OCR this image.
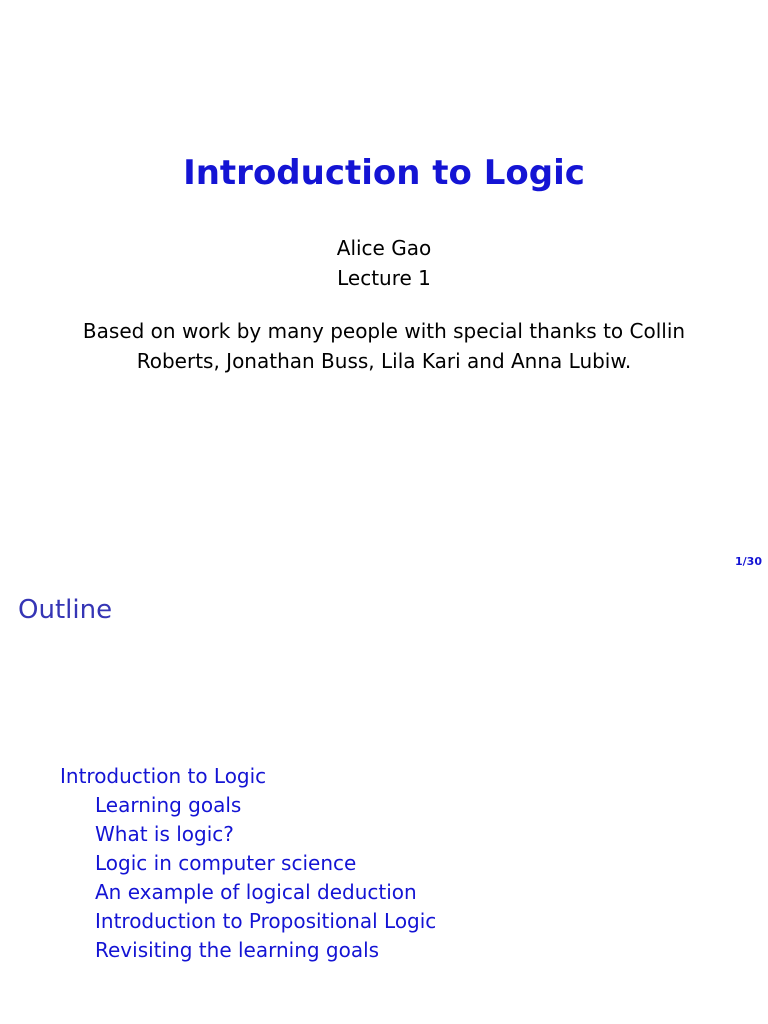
Introduction to Logic
Alice Gao
Lecture 1
Based on work by many people with special thanks to Collin Roberts, Jonathan Buss, Lila Kari and Anna Lubiw.
1/30
Outline
Introduction to Logic
Learning goals
What is logic?
Logic in computer science
An example of logical deduction
Introduction to Propositional Logic
Revisiting the learning goals
